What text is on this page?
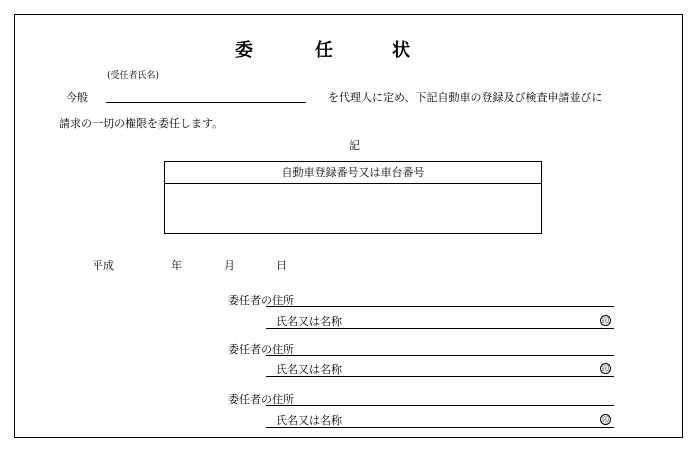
委	任	状
(受任者氏名)
今般	を代理人に定め、下記自動車の登録及び検査申請並びに
請求の一切の権限を委任します。
記
自動車登録番号又は車台番号
平成	年	月	日
委任者の住所
氏名又は名称	印
委任者の住所
氏名又は名称	印
委任者の住所
氏名又は名称	印
